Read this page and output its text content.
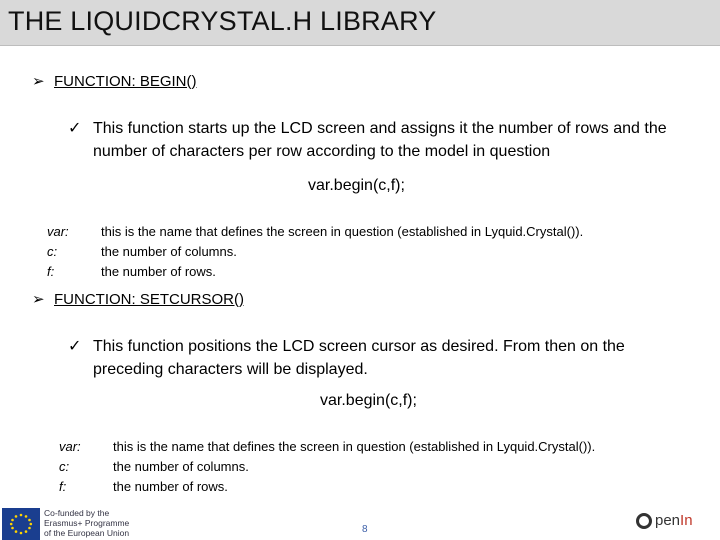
THE LIQUIDCRYSTAL.H LIBRARY
➢ FUNCTION: BEGIN()
✓ This function starts up the LCD screen and assigns it the number of rows and the number of characters per row according to the model in question
var.begin(c,f);
var:	this is the name that defines the screen in question (established in Lyquid.Crystal()).
c:	the number of columns.
f:	the number of rows.
➢ FUNCTION: SETCURSOR()
✓ This function positions the LCD screen cursor as desired. From then on the preceding characters will be displayed.
var.begin(c,f);
var:	this is the name that defines the screen in question (established in Lyquid.Crystal()).
c:	the number of columns.
f:	the number of rows.
Co-funded by the
Erasmus+ Programme
of the European Union	8
pen In
